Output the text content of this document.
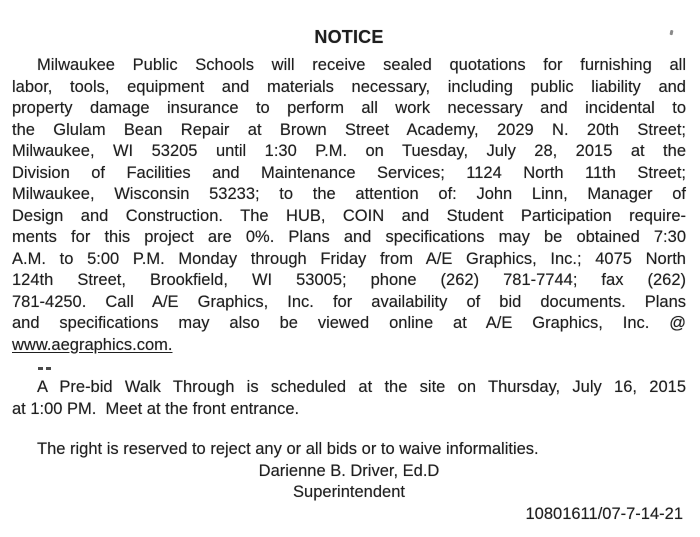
NOTICE
Milwaukee Public Schools will receive sealed quotations for furnishing all
labor, tools, equipment and materials necessary, including public liability and
property damage insurance to perform all work necessary and incidental to
the Glulam Bean Repair at Brown Street Academy, 2029 N. 20th Street;
Milwaukee, WI 53205 until 1:30 P.M. on Tuesday, July 28, 2015 at the
Division of Facilities and Maintenance Services; 1124 North 11th Street;
Milwaukee, Wisconsin 53233; to the attention of: John Linn, Manager of
Design and Construction. The HUB, COIN and Student Participation require-
ments for this project are 0%. Plans and specifications may be obtained 7:30
A.M. to 5:00 P.M. Monday through Friday from A/E Graphics, Inc.; 4075 North
124th Street, Brookfield, WI 53005; phone (262) 781-7744; fax (262)
781-4250. Call A/E Graphics, Inc. for availability of bid documents. Plans
and specifications may also be viewed online at A/E Graphics, Inc. @
www.aegraphics.com.
A Pre-bid Walk Through is scheduled at the site on Thursday, July 16, 2015
at 1:00 PM.  Meet at the front entrance.
The right is reserved to reject any or all bids or to waive informalities.
Darienne B. Driver, Ed.D
Superintendent
10801611/07-7-14-21
